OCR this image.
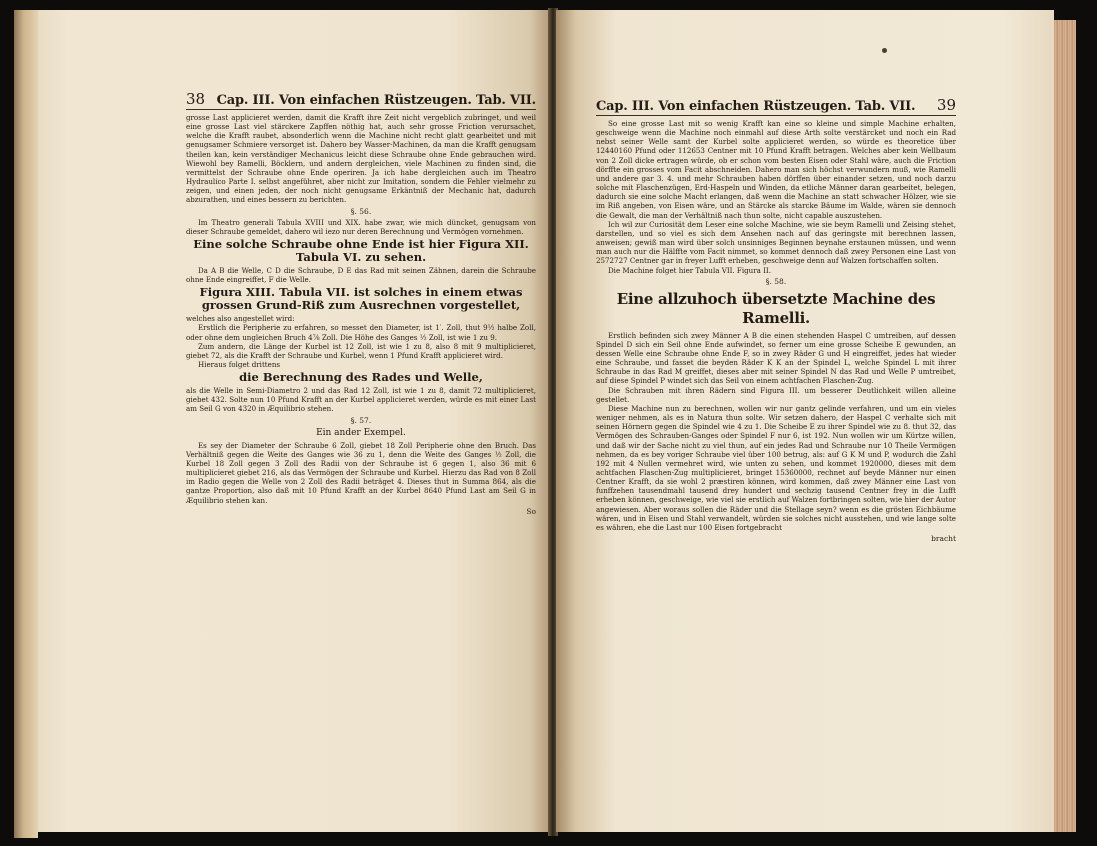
38 Cap. III. Von einfachen Rüstzeugen. Tab. VII.

grosse Last applicieret werden, damit die Krafft ihre Zeit nicht vergeblich zubringet, und weil eine grosse Last viel stärckere Zapffen nöthig hat, auch sehr grosse Friction verursachet, welche die Krafft raubet, absonderlich wenn die Machine nicht recht glatt gearbeitet und mit genugsamer Schmiere versorget ist. Dahero bey Wasser-Machinen, da man die Krafft genugsam theilen kan, kein verständiger Mechanicus leicht diese Schraube ohne Ende gebrauchen wird. Wiewohl bey Ramelli, Böcklern, und andern dergleichen, viele Machinen zu finden sind, die vermittelst der Schraube ohne Ende operiren. Ja ich habe dergleichen auch im Theatro Hydraulico Parte I. selbst angeführet, aber nicht zur Imitation, sondern die Fehler vielmehr zu zeigen, und einen jeden, der noch nicht genugsame Erkäntniß der Mechanic hat, dadurch abzurathen, und eines bessern zu berichten.

§. 56.

Im Theatro generali Tabula XVIII und XIX. habe zwar, wie mich düncket, genugsam von dieser Schraube gemeldet, dahero wil iezo nur deren Berechnung und Vermögen vornehmen.

Eine solche Schraube ohne Ende ist hier Figura XII. Tabula VI. zu sehen.

Da A B die Welle, C D die Schraube, D E das Rad mit seinen Zähnen, darein die Schraube ohne Ende eingreiffet, F die Welle.

Figura XIII. Tabula VII. ist solches in einem etwas grossen Grund-Riß zum Ausrechnen vorgestellet,

welches also angestellet wird:

Erstlich die Peripherie zu erfahren, so messet den Diameter, ist 1′. Zoll, thut 9½ halbe Zoll, oder ohne dem ungleichen Bruch 4⅞ Zoll. Die Höhe des Ganges ½ Zoll, ist wie 1 zu 9.

Zum andern, die Länge der Kurbel ist 12 Zoll, ist wie 1 zu 8, also 8 mit 9 multiplicieret, giebet 72, als die Krafft der Schraube und Kurbel, wenn 1 Pfund Krafft applicieret wird.

Hieraus folget drittens

die Berechnung des Rades und Welle,

als die Welle in Semi-Diametro 2 und das Rad 12 Zoll, ist wie 1 zu 8, damit 72 multiplicieret, giebet 432. Solte nun 10 Pfund Krafft an der Kurbel applicieret werden, würde es mit einer Last am Seil G von 4320 in Æquilibrio stehen.

§. 57.
Ein ander Exempel.

Es sey der Diameter der Schraube 6 Zoll, giebet 18 Zoll Peripherie ohne den Bruch. Das Verhältniß gegen die Weite des Ganges wie 36 zu 1, denn die Weite des Ganges ½ Zoll, die Kurbel 18 Zoll gegen 3 Zoll des Radii von der Schraube ist 6 gegen 1, also 36 mit 6 multiplicieret giebet 216, als das Vermögen der Schraube und Kurbel. Hierzu das Rad von 8 Zoll im Radio gegen die Welle von 2 Zoll des Radii beträget 4. Dieses thut in Summa 864, als die gantze Proportion, also daß mit 10 Pfund Krafft an der Kurbel 8640 Pfund Last am Seil G in Æquilibrio stehen kan.

So
Cap. III. Von einfachen Rüstzeugen. Tab. VII. 39

So eine grosse Last mit so wenig Krafft kan eine so kleine und simple Machine erhalten, geschweige wenn die Machine noch einmahl auf diese Arth solte verstärcket und noch ein Rad nebst seiner Welle samt der Kurbel solte applicieret werden, so würde es theoretice über 12440160 Pfund oder 112653 Centner mit 10 Pfund Krafft betragen. Welches aber kein Wellbaum von 2 Zoll dicke ertragen würde, ob er schon vom besten Eisen oder Stahl wäre, auch die Friction dörffte ein grosses vom Facit abschneiden. Dahero man sich höchst verwundern muß, wie Ramelli und andere gar 3. 4. und mehr Schrauben haben dörffen über einander setzen, und noch darzu solche mit Flaschenzügen, Erd-Haspeln und Winden, da etliche Männer daran gearbeitet, belegen, dadurch sie eine solche Macht erlangen, daß wenn die Machine an statt schwacher Hölzer, wie sie im Riß angeben, von Eisen wäre, und an Stärcke als starcke Bäume im Walde, wären sie dennoch die Gewalt, die man der Verhältniß nach thun solte, nicht capable auszustehen.

Ich wil zur Curiosität dem Leser eine solche Machine, wie sie beym Ramelli und Zeising stehet, darstellen, und so viel es sich dem Ansehen nach auf das geringste mit berechnen lassen, anweisen; gewiß man wird über solch unsinniges Beginnen beynahe erstaunen müssen, und wenn man auch nur die Hälffte vom Facit nimmet, so kommet dennoch daß zwey Personen eine Last von 2572727 Centner gar in freyer Lufft erheben, geschweige denn auf Walzen fortschaffen solten.

Die Machine folget hier Tabula VII. Figura II.

§. 58.
Eine allzuhoch übersetzte Machine des Ramelli.

Erstlich befinden sich zwey Männer A B die einen stehenden Haspel C umtreiben, auf dessen Spindel D sich ein Seil ohne Ende aufwindet, so ferner um eine grosse Scheibe E gewunden, an dessen Welle eine Schraube ohne Ende F, so in zwey Räder G und H eingreiffet, jedes hat wieder eine Schraube, und fasset die beyden Räder K K an der Spindel L, welche Spindel L mit ihrer Schraube in das Rad M greiffet, dieses aber mit seiner Spindel N das Rad und Welle P umtreibet, auf diese Spindel P windet sich das Seil von einem achtfachen Flaschen-Zug.

Die Schrauben mit ihren Rädern sind Figura III. um besserer Deutlichkeit willen alleine gestellet.

Diese Machine nun zu berechnen, wollen wir nur gantz gelinde verfahren, und um ein vieles weniger nehmen, als es in Natura thun solte. Wir setzen dahero, der Haspel C verhalte sich mit seinen Hörnern gegen die Spindel wie 4 zu 1. Die Scheibe E zu ihrer Spindel wie zu 8. thut 32, das Vermögen des Schrauben-Ganges oder Spindel F nur 6, ist 192. Nun wollen wir um Kürtze willen, und daß wir der Sache nicht zu viel thun, auf ein jedes Rad und Schraube nur 10 Theile Vermögen nehmen, da es bey voriger Schraube viel über 100 betrug, als: auf G K M und P, wodurch die Zahl 192 mit 4 Nullen vermehret wird, wie unten zu sehen, und kommet 1920000, dieses mit dem achtfachen Flaschen-Zug multiplicieret, bringet 15360000, rechnet auf beyde Männer nur einen Centner Krafft, da sie wohl 2 præstiren können, wird kommen, daß zwey Männer eine Last von funffzehen tausendmahl tausend drey hundert und sechzig tausend Centner frey in die Lufft erheben können, geschweige, wie viel sie erstlich auf Walzen fortbringen solten, wie hier der Autor angewiesen. Aber woraus sollen die Räder und die Stellage seyn? wenn es die grösten Eichbäume wären, und in Eisen und Stahl verwandelt, würden sie solches nicht ausstehen, und wie lange solte es währen, ehe die Last nur 100 Eisen fortgebracht

bracht
